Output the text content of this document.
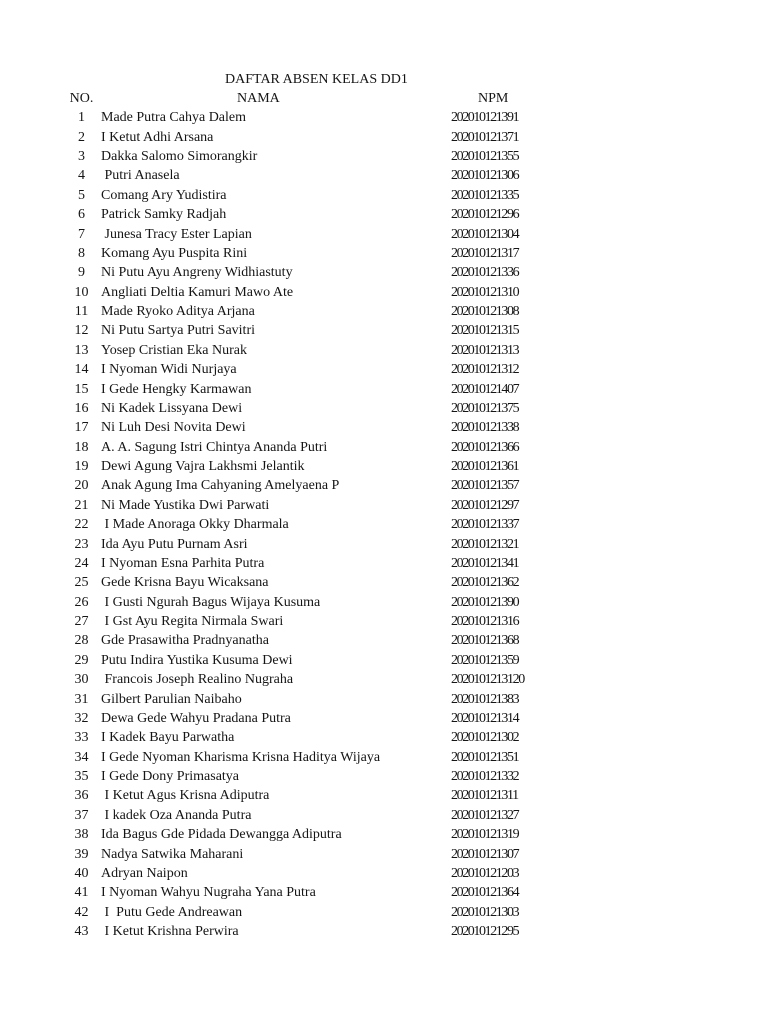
DAFTAR ABSEN KELAS DD1
NO.	NAMA	NPM
1	Made Putra Cahya Dalem	202010121391
2	I Ketut Adhi Arsana	202010121371
3	Dakka Salomo Simorangkir	202010121355
4	Putri Anasela	202010121306
5	Comang Ary Yudistira	202010121335
6	Patrick Samky Radjah	202010121296
7	Junesa Tracy Ester Lapian	202010121304
8	Komang Ayu Puspita Rini	202010121317
9	Ni Putu Ayu Angreny Widhiastuty	202010121336
10 Angliati Deltia Kamuri Mawo Ate	202010121310
11 Made Ryoko Aditya Arjana	202010121308
12 Ni Putu Sartya Putri Savitri	202010121315
13 Yosep Cristian Eka Nurak	202010121313
14 I Nyoman Widi Nurjaya	202010121312
15 I Gede Hengky Karmawan	202010121407
16 Ni Kadek Lissyana Dewi	202010121375
17 Ni Luh Desi Novita Dewi	202010121338
18 A. A. Sagung Istri Chintya Ananda Putri	202010121366
19 Dewi Agung Vajra Lakhsmi Jelantik	202010121361
20 Anak Agung Ima Cahyaning Amelyaena P	202010121357
21 Ni Made Yustika Dwi Parwati	202010121297
22 I Made Anoraga Okky Dharmala	202010121337
23 Ida Ayu Putu Purnam Asri	202010121321
24 I Nyoman Esna Parhita Putra	202010121341
25 Gede Krisna Bayu Wicaksana	202010121362
26 I Gusti Ngurah Bagus Wijaya Kusuma	202010121390
27 I Gst Ayu Regita Nirmala Swari	202010121316
28 Gde Prasawitha Pradnyanatha	202010121368
29 Putu Indira Yustika Kusuma Dewi	202010121359
30 Francois Joseph Realino Nugraha	2020101213120
31 Gilbert Parulian Naibaho	202010121383
32 Dewa Gede Wahyu Pradana Putra	202010121314
33 I Kadek Bayu Parwatha	202010121302
34 I Gede Nyoman Kharisma Krisna Haditya Wijaya	202010121351
35 I Gede Dony Primasatya	202010121332
36 I Ketut Agus Krisna Adiputra	202010121311
37 I kadek Oza Ananda Putra	202010121327
38 Ida Bagus Gde Pidada Dewangga Adiputra	202010121319
39 Nadya Satwika Maharani	202010121307
40 Adryan Naipon	202010121203
41 I Nyoman Wahyu Nugraha Yana Putra	202010121364
42 I  Putu Gede Andreawan	202010121303
43 I Ketut Krishna Perwira	202010121295
